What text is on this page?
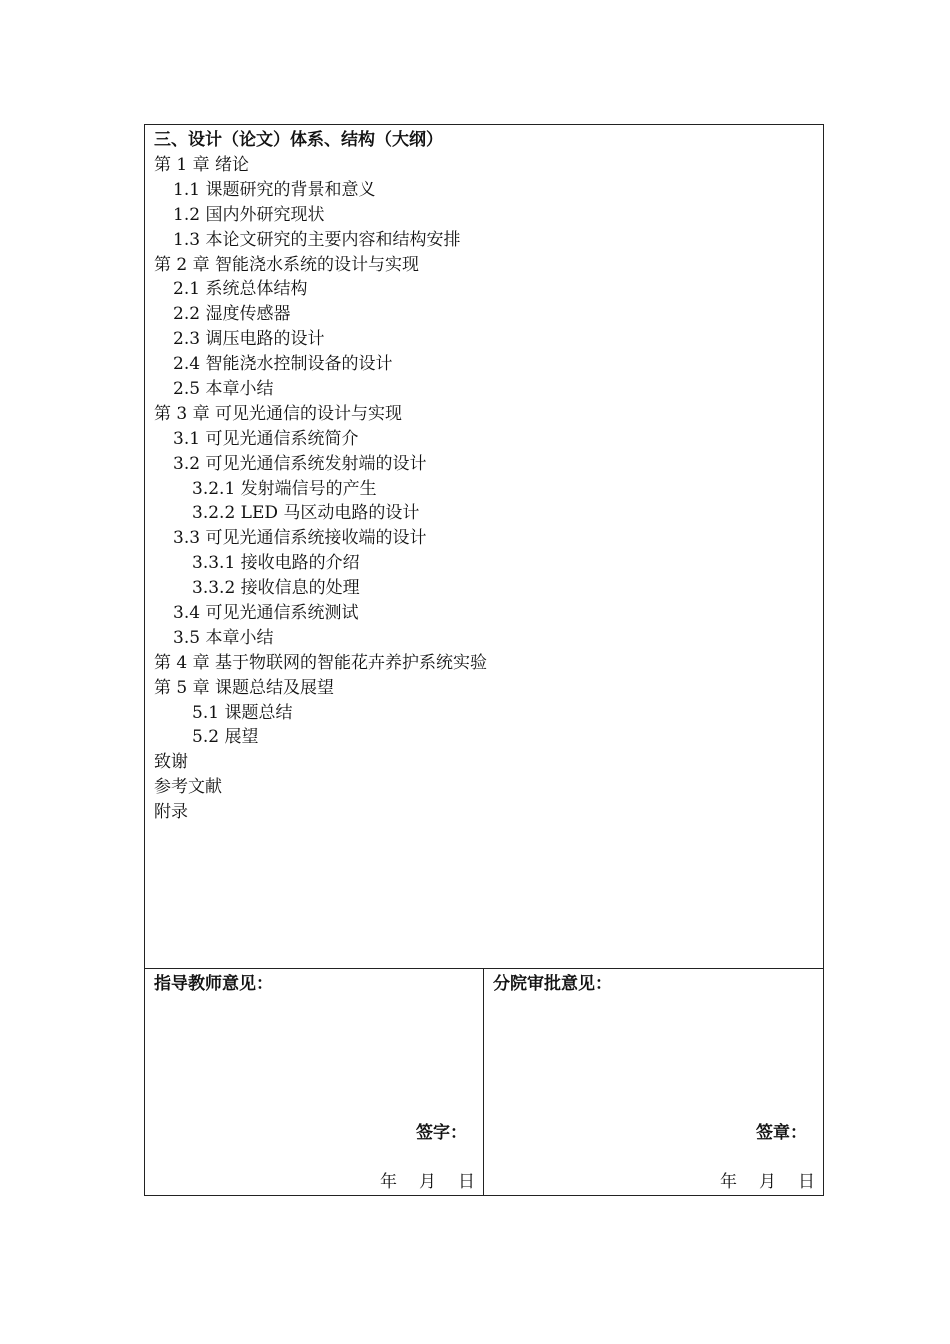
三、设计（论文）体系、结构（大纲）
第 1 章 绪论
1.1 课题研究的背景和意义
1.2 国内外研究现状
1.3 本论文研究的主要内容和结构安排
第 2 章 智能浇水系统的设计与实现
2.1 系统总体结构
2.2 湿度传感器
2.3 调压电路的设计
2.4 智能浇水控制设备的设计
2.5 本章小结
第 3 章 可见光通信的设计与实现
3.1 可见光通信系统简介
3.2 可见光通信系统发射端的设计
3.2.1 发射端信号的产生
3.2.2 LED 马区动电路的设计
3.3 可见光通信系统接收端的设计
3.3.1 接收电路的介绍
3.3.2 接收信息的处理
3.4 可见光通信系统测试
3.5 本章小结
第 4 章 基于物联网的智能花卉养护系统实验
第 5 章 课题总结及展望
5.1 课题总结
5.2 展望
致谢
参考文献
附录
指导教师意见：
签字：
年 月 日
分院审批意见：
签章：
年 月 日
